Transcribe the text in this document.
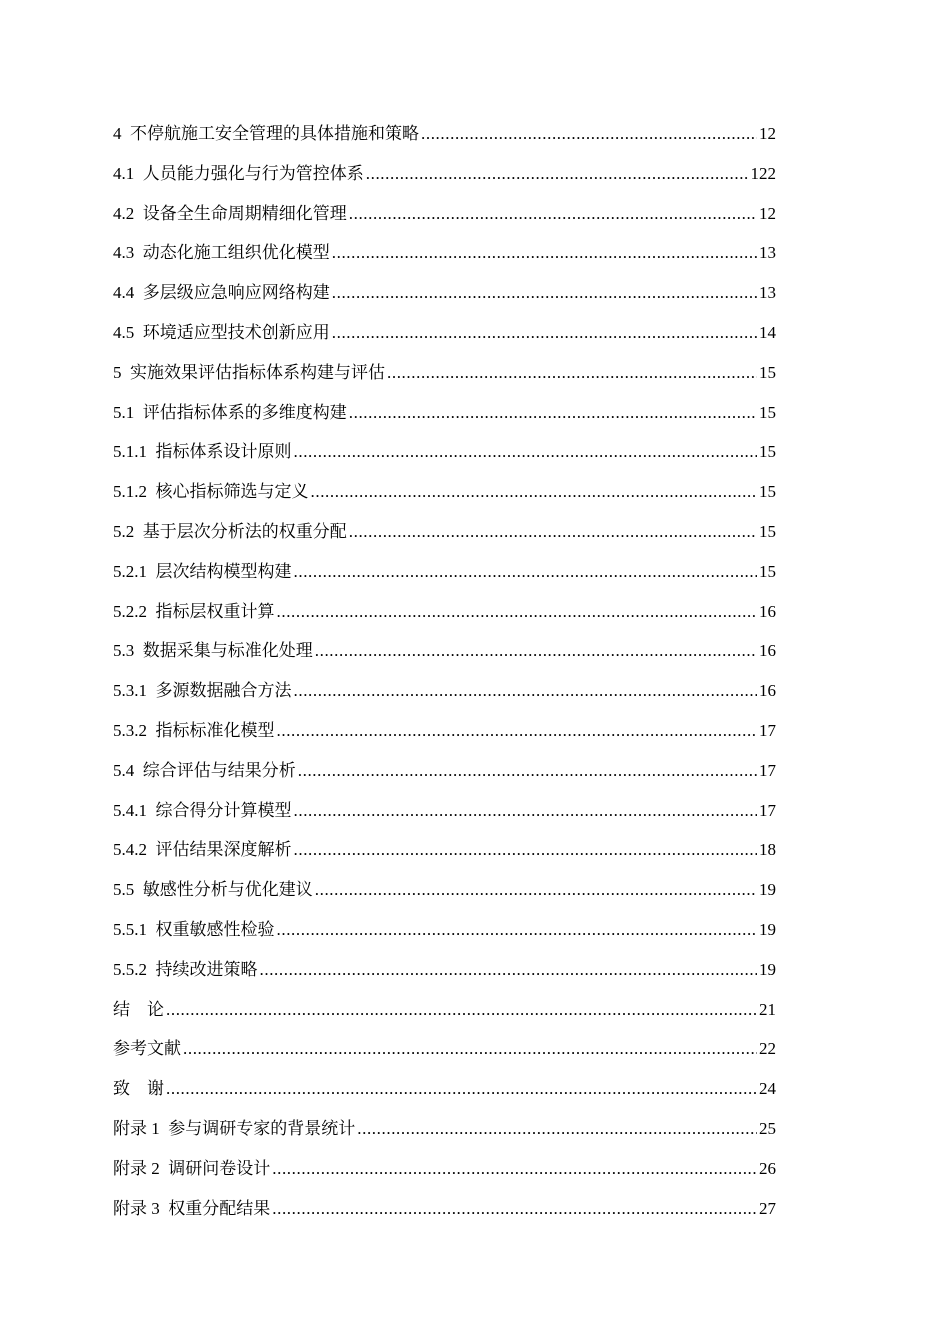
4  不停航施工安全管理的具体措施和策略 .....	12
4.1  人员能力强化与行为管控体系 .....	122
4.2  设备全生命周期精细化管理 .....	12
4.3  动态化施工组织优化模型 .....	13
4.4  多层级应急响应网络构建 .....	13
4.5  环境适应型技术创新应用 .....	14
5  实施效果评估指标体系构建与评估 .....	15
5.1  评估指标体系的多维度构建 .....	15
5.1.1  指标体系设计原则 .....	15
5.1.2  核心指标筛选与定义 .....	15
5.2  基于层次分析法的权重分配 .....	15
5.2.1  层次结构模型构建 .....	15
5.2.2  指标层权重计算 .....	16
5.3  数据采集与标准化处理 .....	16
5.3.1  多源数据融合方法 .....	16
5.3.2  指标标准化模型 .....	17
5.4  综合评估与结果分析 .....	17
5.4.1  综合得分计算模型 .....	17
5.4.2  评估结果深度解析 .....	18
5.5  敏感性分析与优化建议 .....	19
5.5.1  权重敏感性检验 .....	19
5.5.2  持续改进策略 .....	19
结    论 .....	21
参考文献 .....	22
致    谢 .....	24
附录 1  参与调研专家的背景统计 .....	25
附录 2  调研问卷设计 .....	26
附录 3  权重分配结果 .....	27
